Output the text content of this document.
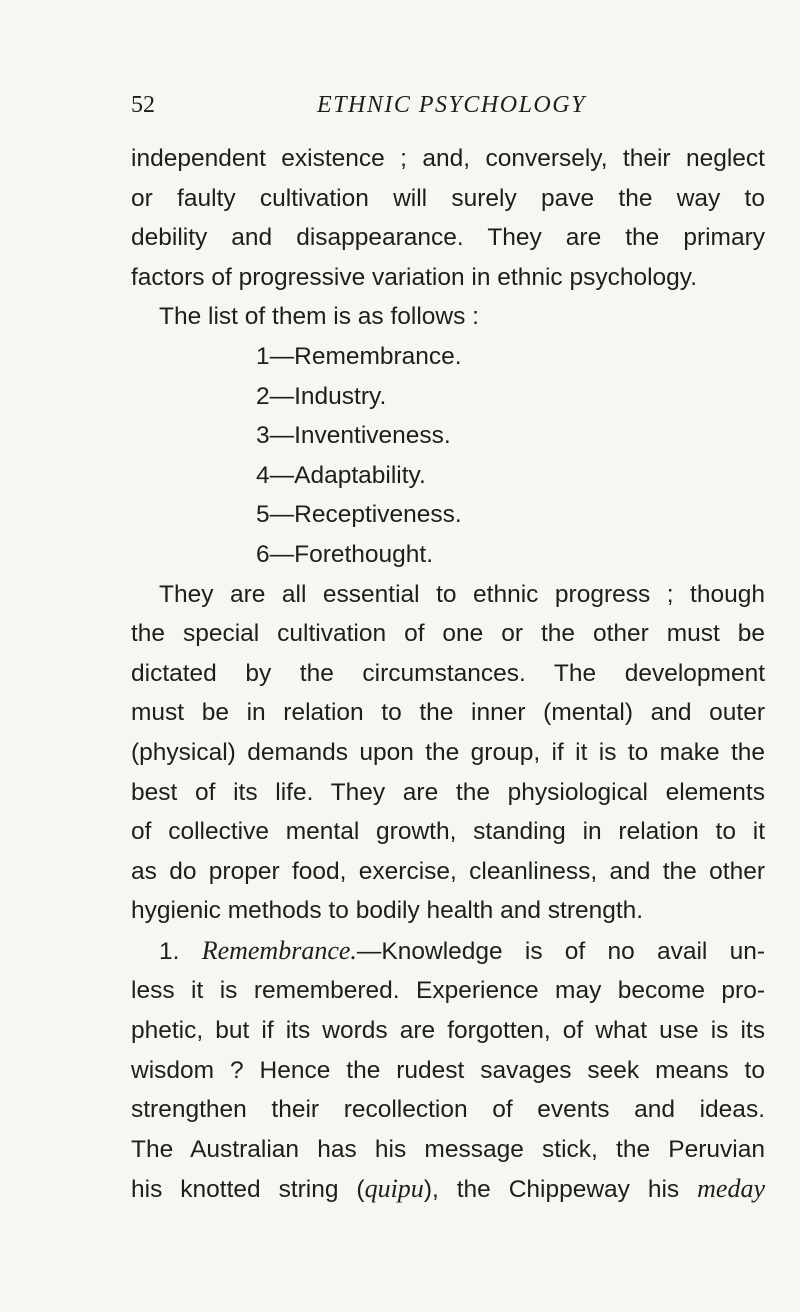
52	ETHNIC PSYCHOLOGY
independent existence ; and, conversely, their neglect
or faulty cultivation will surely pave the way to
debility and disappearance. They are the primary
factors of progressive variation in ethnic psychology.
The list of them is as follows :
1—Remembrance.
2—Industry.
3—Inventiveness.
4—Adaptability.
5—Receptiveness.
6—Forethought.
They are all essential to ethnic progress ; though
the special cultivation of one or the other must be
dictated by the circumstances. The development
must be in relation to the inner (mental) and outer
(physical) demands upon the group, if it is to make the
best of its life. They are the physiological elements
of collective mental growth, standing in relation to it
as do proper food, exercise, cleanliness, and the other
hygienic methods to bodily health and strength.
1. Remembrance.—Knowledge is of no avail un-
less it is remembered. Experience may become pro-
phetic, but if its words are forgotten, of what use is its
wisdom ? Hence the rudest savages seek means to
strengthen their recollection of events and ideas.
The Australian has his message stick, the Peruvian
his knotted string (quipu), the Chippeway his meday
